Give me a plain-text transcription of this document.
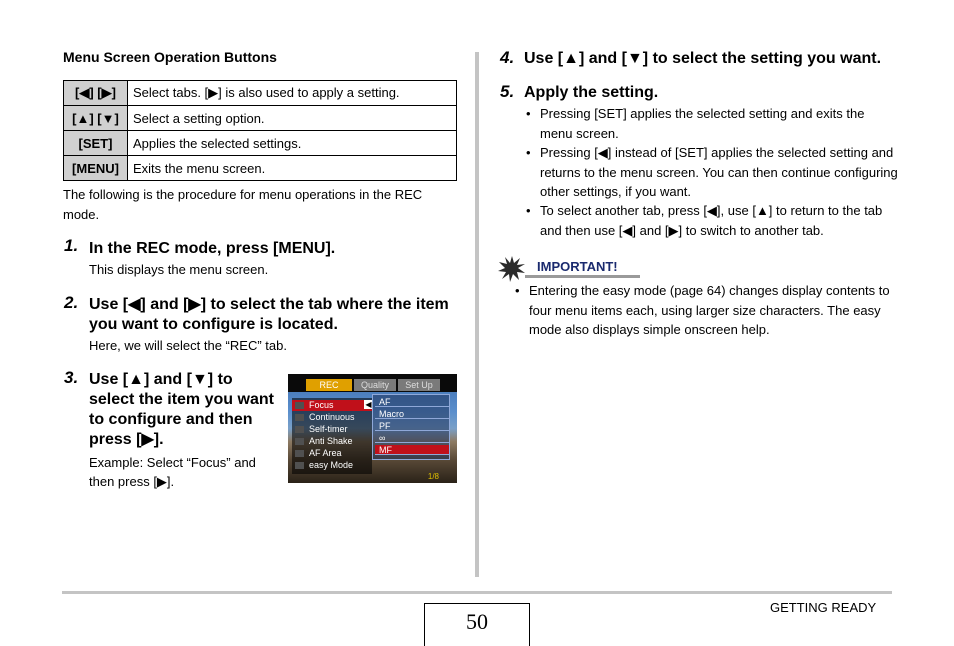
Menu Screen Operation Buttons
[◀] [▶]	Select tabs. [▶] is also used to apply a setting.
[▲] [▼]	Select a setting option.
[SET]	Applies the selected settings.
[MENU]	Exits the menu screen.
The following is the procedure for menu operations in the REC mode.
1. In the REC mode, press [MENU].
This displays the menu screen.
2. Use [◀] and [▶] to select the tab where the item you want to configure is located.
Here, we will select the “REC” tab.
3. Use [▲] and [▼] to select the item you want to configure and then press [▶].
Example: Select “Focus” and then press [▶].
REC	Quality	Set Up
Focus
Continuous
Self-timer
Anti Shake
AF Area
easy Mode
◀ AF
Macro
PF
∞
MF
1/8
4. Use [▲] and [▼] to select the setting you want.
5. Apply the setting.
• Pressing [SET] applies the selected setting and exits the menu screen.
• Pressing [◀] instead of [SET] applies the selected setting and returns to the menu screen. You can then continue configuring other settings, if you want.
• To select another tab, press [◀], use [▲] to return to the tab and then use [◀] and [▶] to switch to another tab.
IMPORTANT!
• Entering the easy mode (page 64) changes display contents to four menu items each, using larger size characters. The easy mode also displays simple onscreen help.
50
GETTING READY
